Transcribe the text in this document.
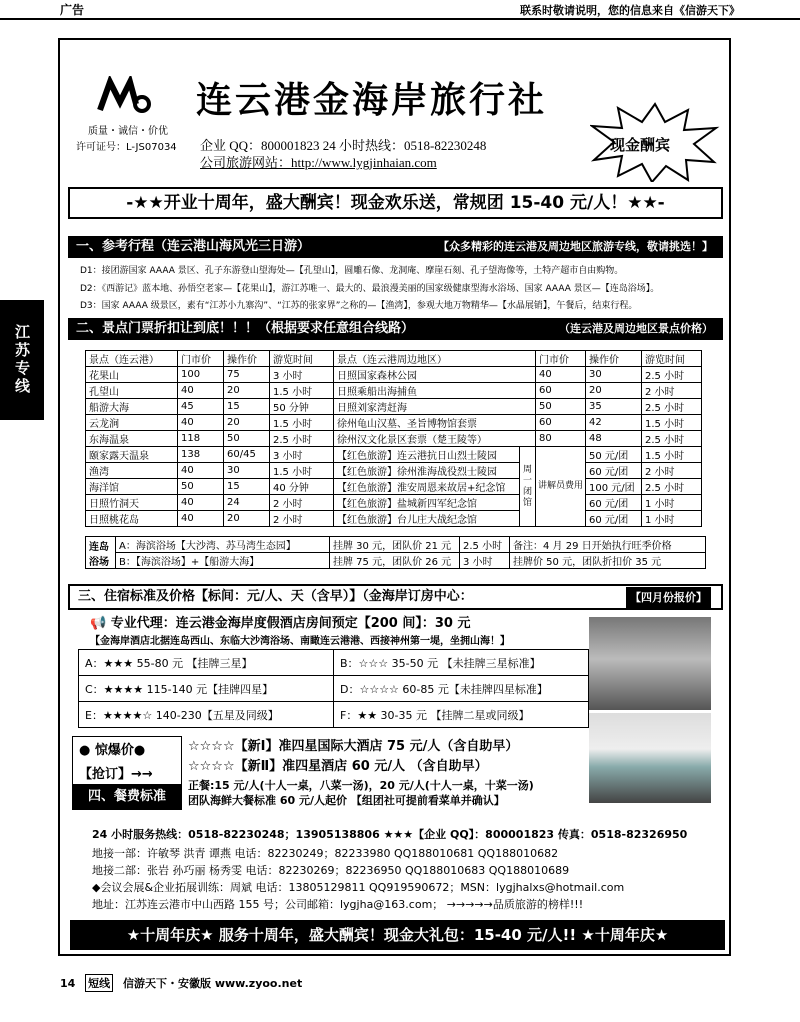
广告	联系时敬请说明，您的信息来自《信游天下》
江苏专线
连云港金海岸旅行社
质量・诚信・价优
许可证号：L-JS07034 企业 QQ：800001823 24 小时热线：0518-82230248
公司旅游网站：http://www.lygjinhaian.com
现金酬宾
-★★开业十周年，盛大酬宾！现金欢乐送，常规团 15-40 元/人！★★-
一、参考行程（连云港山海风光三日游）	【众多精彩的连云港及周边地区旅游专线，敬请挑选！】
D1：接团游国家 AAAA 景区、孔子东游登山望海处—【孔望山】，圆雕石像、龙洞庵、摩崖石刻、孔子望海像等，土特产超市自由购物。
D2：《西游记》蓝本地、孙悟空老家—【花果山】，游江苏唯一、最大的、最浪漫美丽的国家级健康型海水浴场、国家 AAAA 景区—【连岛浴场】。
D3：国家 AAAA 级景区，素有“江苏小九寨沟”、“江苏的张家界”之称的—【渔湾】，参观大地万物精华—【水晶展销】，午餐后，结束行程。
二、景点门票折扣让到底！！！（根据要求任意组合线路）	（连云港及周边地区景点价格）
景点（连云港）	门市价	操作价	游览时间	景点（连云港周边地区）		门市价	操作价	游览时间
花果山	100	75	3 小时	日照国家森林公园		40	30	2.5 小时
孔望山	40	20	1.5 小时	日照乘船出海捕鱼		60	20	2 小时
船游大海	45	15	50 分钟	日照刘家湾赶海		50	35	2.5 小时
云龙涧	40	20	1.5 小时	徐州龟山汉墓、圣旨博物馆套票		60	42	1.5 小时
东海温泉	118	50	2.5 小时	徐州汉文化景区套票（楚王陵等）		80	48	2.5 小时
颐家露天温泉	138	60/45	3 小时	【红色旅游】连云港抗日山烈士陵园	周一闭馆	讲解员费用	50 元/团	1.5 小时
渔湾	40	30	1.5 小时	【红色旅游】徐州淮海战役烈士陵园			60 元/团	2 小时
海洋馆	50	15	40 分钟	【红色旅游】淮安周恩来故居+纪念馆			100 元/团	2.5 小时
日照竹洞天	40	24	2 小时	【红色旅游】盐城新四军纪念馆			60 元/团	1 小时
日照桃花岛	40	20	2 小时	【红色旅游】台儿庄大战纪念馆			60 元/团	1 小时
连岛浴场	A：海滨浴场【大沙湾、苏马湾生态园】	挂牌 30 元，团队价 21 元	2.5 小时	备注：4 月 29 日开始执行旺季价格
	B：【海滨浴场】+【船游大海】	挂牌 75 元，团队价 26 元	3 小时	挂牌价 50 元，团队折扣价 35 元
三、住宿标准及价格【标间：元/人、天（含早）】（金海岸订房中心：	【四月份报价】
📢 专业代理：连云港金海岸度假酒店房间预定【200 间】：30 元
【金海岸酒店北据连岛西山、东临大沙湾浴场、南瞰连云港港、西接神州第一堤，坐拥山海！】
A：★★★ 55-80 元 【挂牌三星】	B：☆☆☆ 35-50 元 【未挂牌三星标准】
C：★★★★ 115-140 元【挂牌四星】	D：☆☆☆☆ 60-85 元【未挂牌四星标准】
E：★★★★☆ 140-230【五星及同级】	F：★★ 30-35 元 【挂牌二星或同级】
● 惊爆价●
【抢订】→→
☆☆☆☆【新Ⅰ】准四星国际大酒店 75 元/人（含自助早）
☆☆☆☆【新Ⅱ】准四星酒店 60 元/人 （含自助早）
四、餐费标准
正餐:15 元/人(十人一桌，八菜一汤)，20 元/人(十人一桌，十菜一汤)
团队海鲜大餐标准 60 元/人起价 【组团社可提前看菜单并确认】
24 小时服务热线：0518-82230248；13905138806 ★★★【企业 QQ】：800001823 传真：0518-82326950
地接一部：许敏琴 洪青 谭燕 电话：82230249；82233980 QQ188010681 QQ188010682
地接二部：张岩 孙巧丽 杨秀雯 电话：82230269；82236950 QQ188010683 QQ188010689
◆会议会展&企业拓展训练：周斌 电话：13805129811 QQ919590672；MSN：lygjhalxs@hotmail.com
地址：江苏连云港市中山西路 155 号；公司邮箱：lygjha@163.com； →→→→→品质旅游的榜样!!!
★十周年庆★ 服务十周年，盛大酬宾！现金大礼包：15-40 元/人!! ★十周年庆★
14 短线 信游天下・安徽版 www.zyoo.net
